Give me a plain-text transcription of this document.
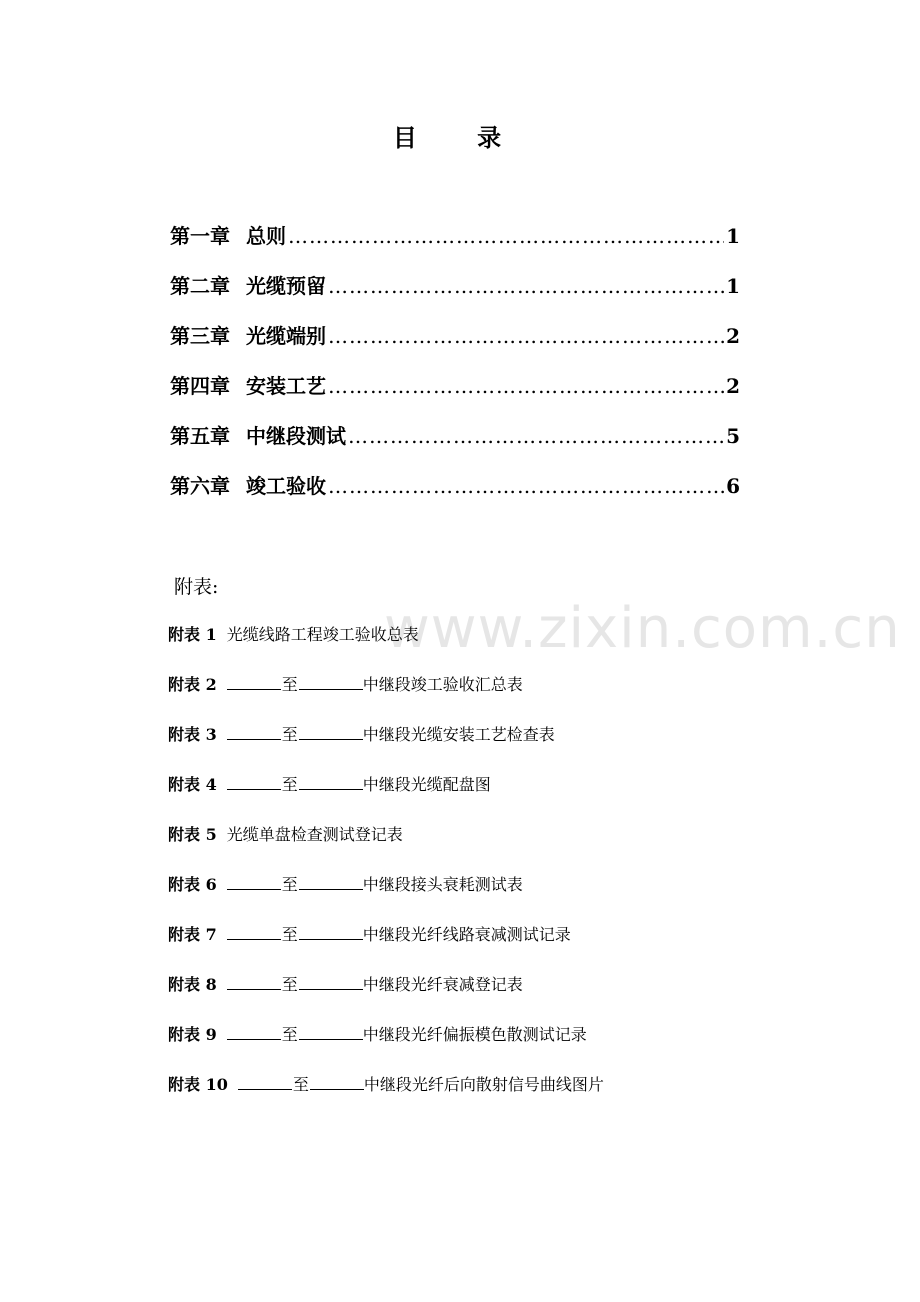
www.zixin.com.cn
目 录
第一章 总则 ………………………………………………………………………………………………	1
第二章 光缆预留 ………………………………………………………………………………………………	1
第三章 光缆端别 ………………………………………………………………………………………………	2
第四章 安装工艺 ………………………………………………………………………………………………	2
第五章 中继段测试 ………………………………………………………………………………………………	5
第六章 竣工验收 ………………………………………………………………………………………………	6
附表:
附表 1 光缆线路工程竣工验收总表
附表 2	至	中继段竣工验收汇总表
附表 3	至	中继段光缆安装工艺检查表
附表 4	至	中继段光缆配盘图
附表 5 光缆单盘检查测试登记表
附表 6	至	中继段接头衰耗测试表
附表 7	至	中继段光纤线路衰减测试记录
附表 8	至	中继段光纤衰减登记表
附表 9	至	中继段光纤偏振模色散测试记录
附表 10	至	中继段光纤后向散射信号曲线图片
